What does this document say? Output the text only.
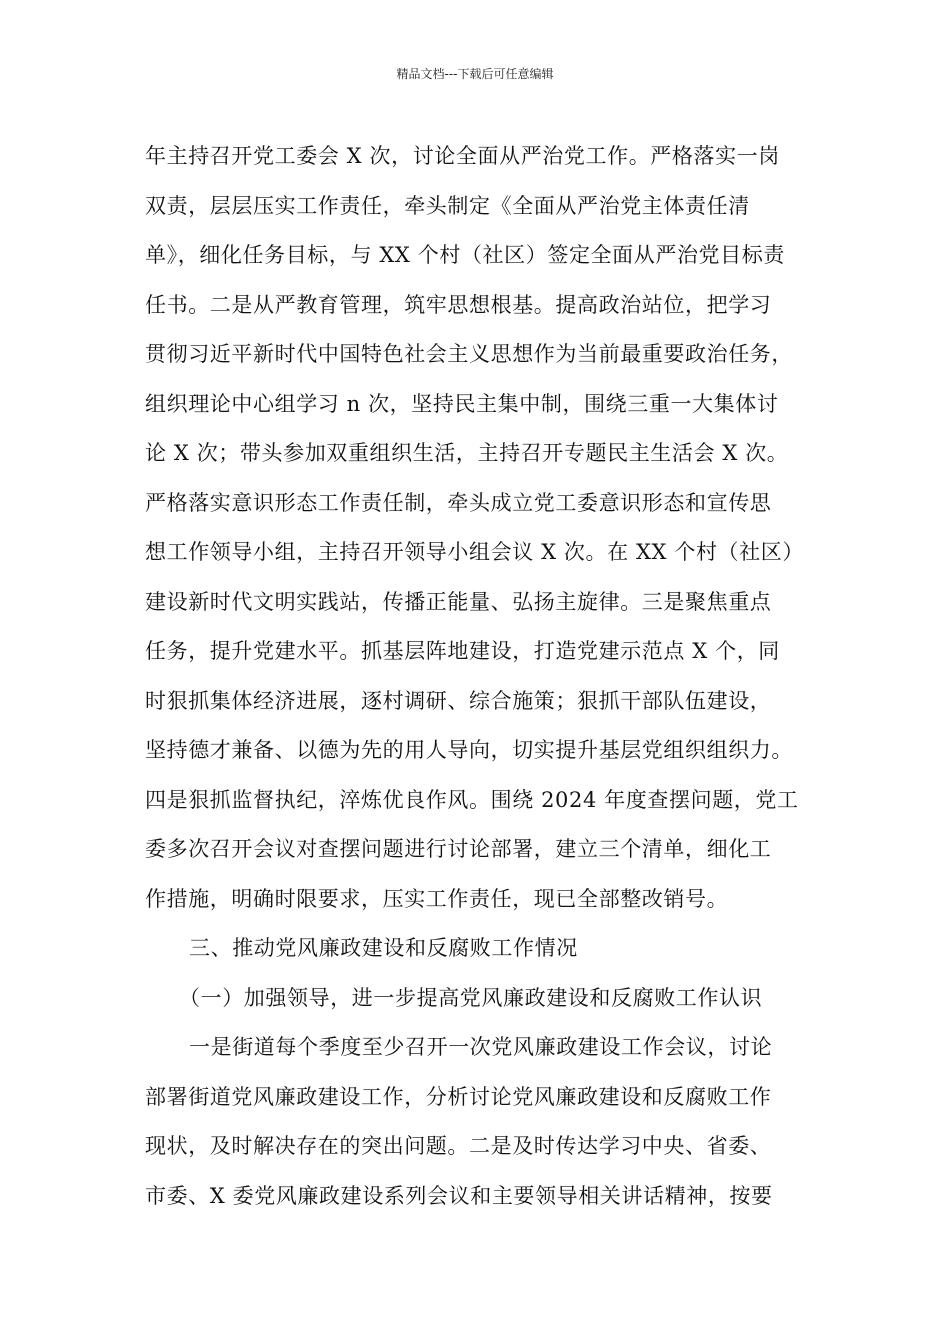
精品文档---下载后可任意编辑
年主持召开党工委会 X 次，讨论全面从严治党工作。严格落实一岗
双责，层层压实工作责任，牵头制定《全面从严治党主体责任清
单》，细化任务目标，与 XX 个村（社区）签定全面从严治党目标责
任书。二是从严教育管理，筑牢思想根基。提高政治站位，把学习
贯彻习近平新时代中国特色社会主义思想作为当前最重要政治任务，
组织理论中心组学习 n 次，坚持民主集中制，围绕三重一大集体讨
论 X 次；带头参加双重组织生活，主持召开专题民主生活会 X 次。
严格落实意识形态工作责任制，牵头成立党工委意识形态和宣传思
想工作领导小组，主持召开领导小组会议 X 次。在 XX 个村（社区）
建设新时代文明实践站，传播正能量、弘扬主旋律。三是聚焦重点
任务，提升党建水平。抓基层阵地建设，打造党建示范点 X 个，同
时狠抓集体经济进展，逐村调研、综合施策；狠抓干部队伍建设，
坚持德才兼备、以德为先的用人导向，切实提升基层党组织组织力。
四是狠抓监督执纪，淬炼优良作风。围绕 2024 年度查摆问题，党工
委多次召开会议对查摆问题进行讨论部署，建立三个清单，细化工
作措施，明确时限要求，压实工作责任，现已全部整改销号。
三、推动党风廉政建设和反腐败工作情况
（一）加强领导，进一步提高党风廉政建设和反腐败工作认识
一是街道每个季度至少召开一次党风廉政建设工作会议，讨论
部署街道党风廉政建设工作，分析讨论党风廉政建设和反腐败工作
现状，及时解决存在的突出问题。二是及时传达学习中央、省委、
市委、X 委党风廉政建设系列会议和主要领导相关讲话精神，按要
